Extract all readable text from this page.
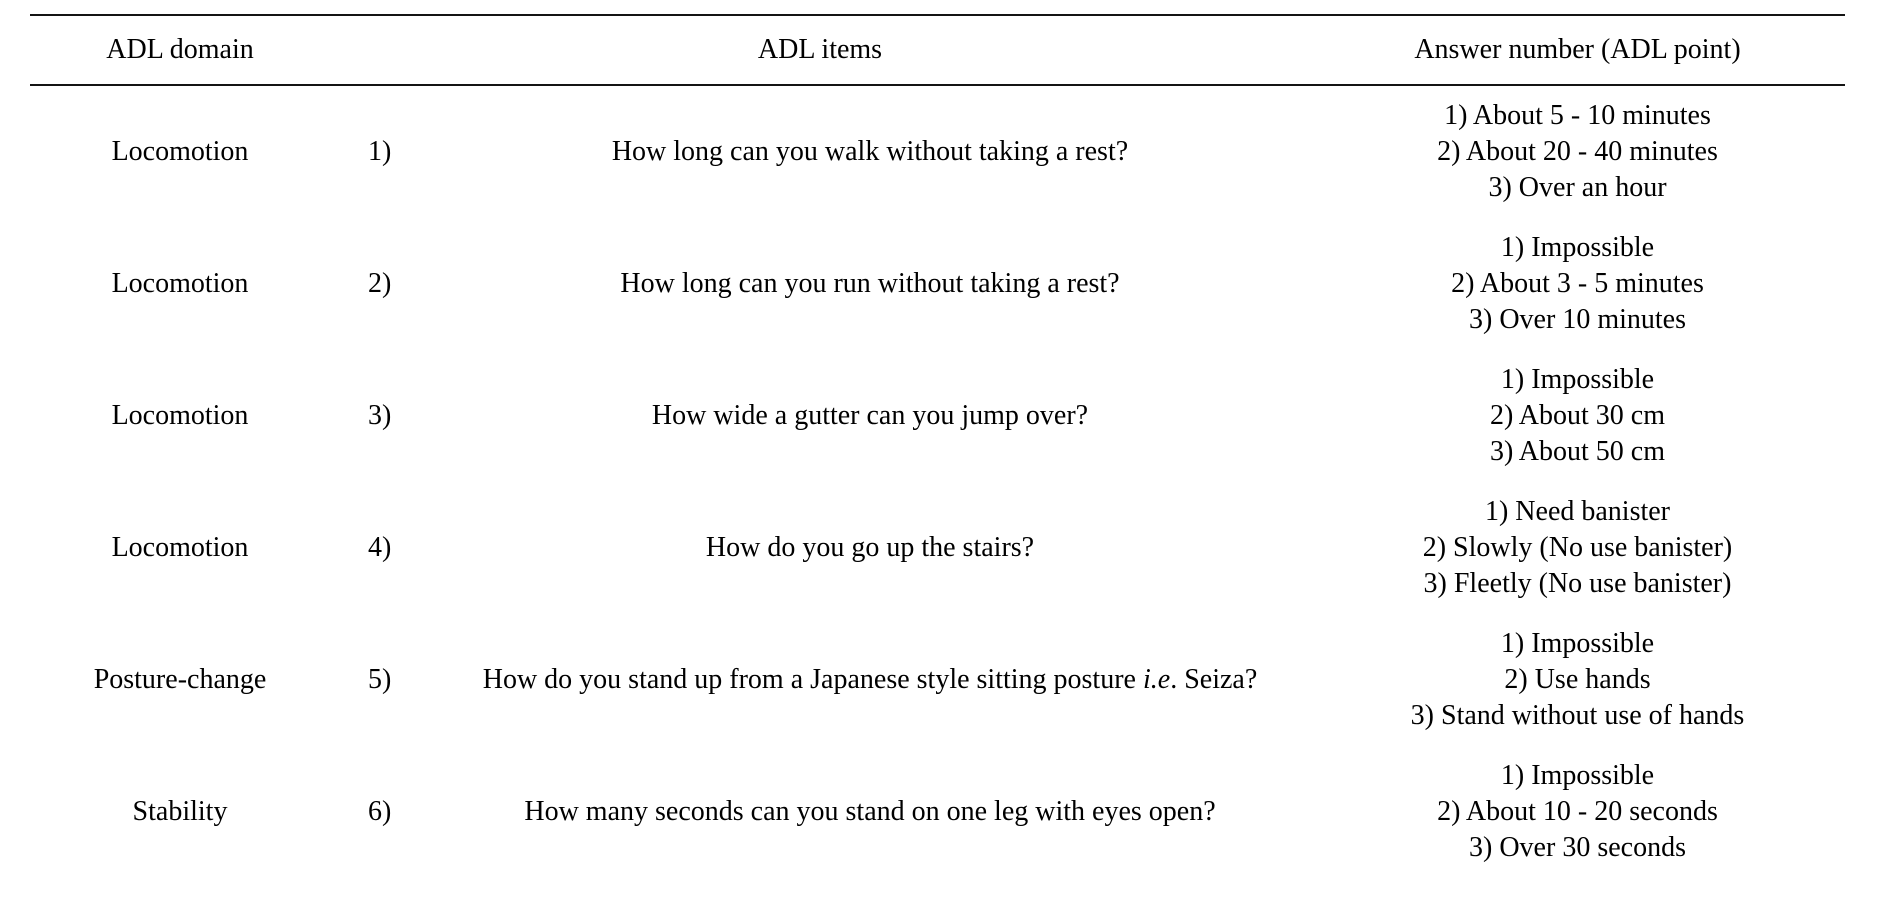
ADL domain	ADL items	Answer number (ADL point)
Locomotion	1)	How long can you walk without taking a rest?
1) About 5 - 10 minutes
2) About 20 - 40 minutes
3) Over an hour
Locomotion	2)	How long can you run without taking a rest?
1) Impossible
2) About 3 - 5 minutes
3) Over 10 minutes
Locomotion	3)	How wide a gutter can you jump over?
1) Impossible
2) About 30 cm
3) About 50 cm
Locomotion	4)	How do you go up the stairs?
1) Need banister
2) Slowly (No use banister)
3) Fleetly (No use banister)
Posture-change	5)	How do you stand up from a Japanese style sitting posture i.e. Seiza?
1) Impossible
2) Use hands
3) Stand without use of hands
Stability	6)	How many seconds can you stand on one leg with eyes open?
1) Impossible
2) About 10 - 20 seconds
3) Over 30 seconds
